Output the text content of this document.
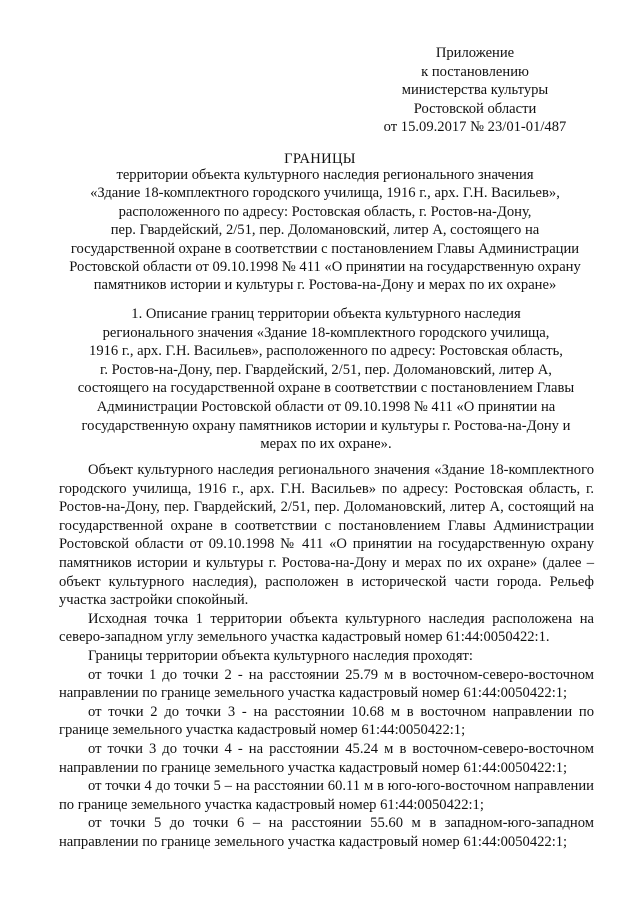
Приложение
к постановлению
министерства культуры
Ростовской области
от 15.09.2017 № 23/01-01/487
ГРАНИЦЫ
территории объекта культурного наследия регионального значения
«Здание 18-комплектного городского училища, 1916 г., арх. Г.Н. Васильев»,
расположенного по адресу: Ростовская область, г. Ростов-на-Дону,
пер. Гвардейский, 2/51, пер. Доломановский, литер А, состоящего на
государственной охране в соответствии с постановлением Главы Администрации
Ростовской области от 09.10.1998 № 411 «О принятии на государственную охрану
памятников истории и культуры г. Ростова-на-Дону и мерах по их охране»
1. Описание границ территории объекта культурного наследия
регионального значения «Здание 18-комплектного городского училища,
1916 г., арх. Г.Н. Васильев», расположенного по адресу: Ростовская область,
г. Ростов-на-Дону, пер. Гвардейский, 2/51, пер. Доломановский, литер А,
состоящего на государственной охране в соответствии с постановлением Главы
Администрации Ростовской области от 09.10.1998 № 411 «О принятии на
государственную охрану памятников истории и культуры г. Ростова-на-Дону и
мерах по их охране».

Объект культурного наследия регионального значения «Здание 18-комплектного городского училища, 1916 г., арх. Г.Н. Васильев» по адресу: Ростовская область, г. Ростов-на-Дону, пер. Гвардейский, 2/51, пер. Доломановский, литер А, состоящий на государственной охране в соответствии с постановлением Главы Администрации Ростовской области от 09.10.1998 № 411 «О принятии на государственную охрану памятников истории и культуры г. Ростова-на-Дону и мерах по их охране» (далее – объект культурного наследия), расположен в исторической части города. Рельеф участка застройки спокойный.

Исходная точка 1 территории объекта культурного наследия расположена на северо-западном углу земельного участка кадастровый номер 61:44:0050422:1.

Границы территории объекта культурного наследия проходят:

от точки 1 до точки 2 - на расстоянии 25.79 м в восточном-северо-восточном направлении по границе земельного участка кадастровый номер 61:44:0050422:1;

от точки 2 до точки 3 - на расстоянии 10.68 м в восточном направлении по границе земельного участка кадастровый номер 61:44:0050422:1;

от точки 3 до точки 4 - на расстоянии 45.24 м в восточном-северо-восточном направлении по границе земельного участка кадастровый номер 61:44:0050422:1;

от точки 4 до точки 5 – на расстоянии 60.11 м в юго-юго-восточном направлении по границе земельного участка кадастровый номер 61:44:0050422:1;

от точки 5 до точки 6 – на расстоянии 55.60 м в западном-юго-западном направлении по границе земельного участка кадастровый номер 61:44:0050422:1;
